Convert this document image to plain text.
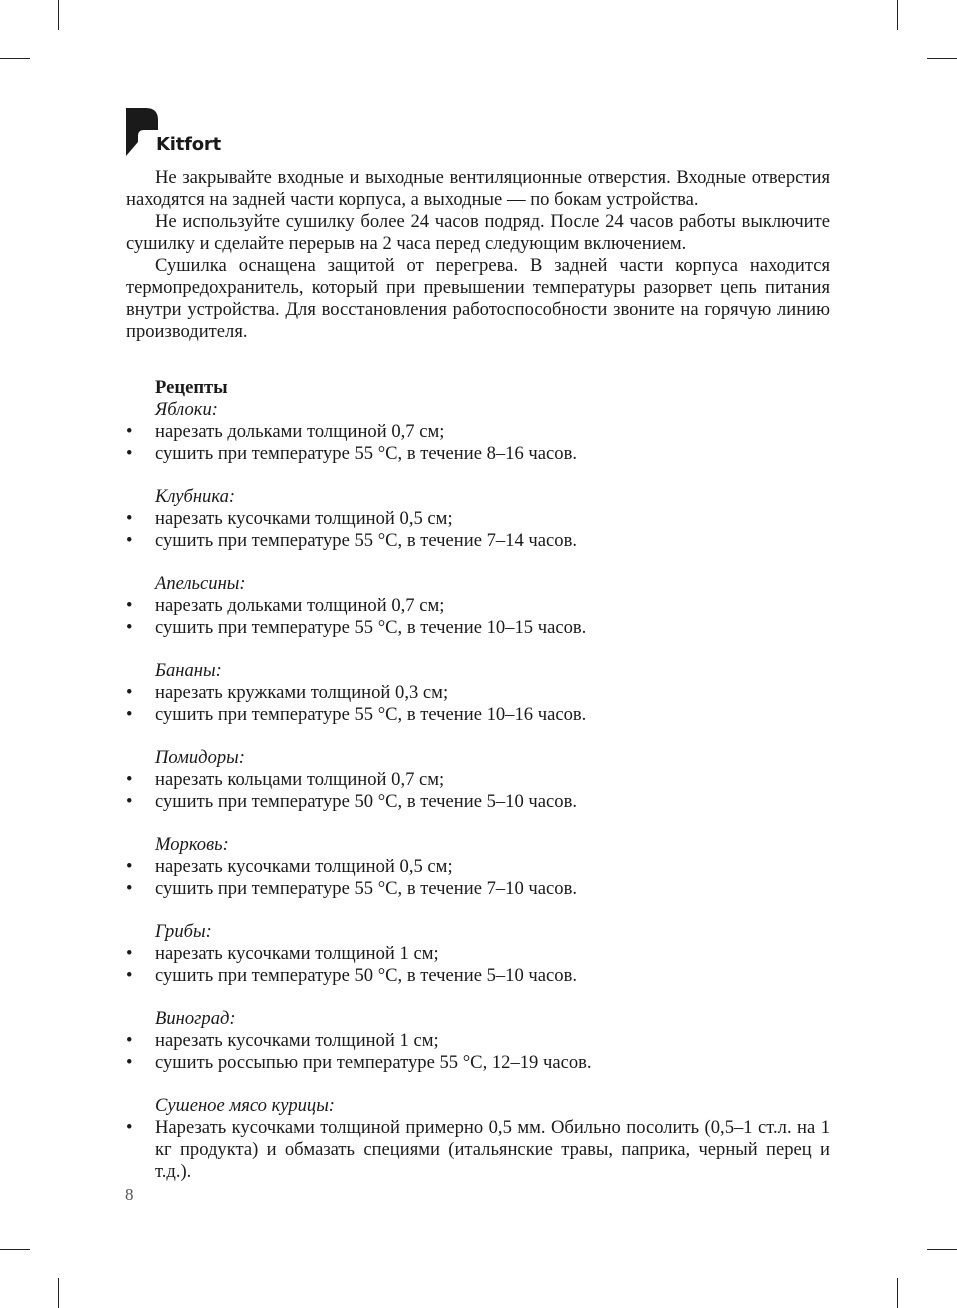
Kitfort

Не закрывайте входные и выходные вентиляционные отверстия. Входные отверстия находятся на задней части корпуса, а выходные — по бокам устройства.

Не используйте сушилку более 24 часов подряд. После 24 часов работы выключите сушилку и сделайте перерыв на 2 часа перед следующим включением.

Сушилка оснащена защитой от перегрева. В задней части корпуса находится термопредохранитель, который при превышении температуры разорвет цепь питания внутри устройства. Для восстановления работоспособности звоните на горячую линию производителя.

Рецепты

Яблоки:

• нарезать дольками толщиной 0,7 см;
• сушить при температуре 55 °C, в течение 8–16 часов.

Клубника:

• нарезать кусочками толщиной 0,5 см;
• сушить при температуре 55 °C, в течение 7–14 часов.

Апельсины:

• нарезать дольками толщиной 0,7 см;
• сушить при температуре 55 °C, в течение 10–15 часов.

Бананы:

• нарезать кружками толщиной 0,3 см;
• сушить при температуре 55 °C, в течение 10–16 часов.

Помидоры:

• нарезать кольцами толщиной 0,7 см;
• сушить при температуре 50 °C, в течение 5–10 часов.

Морковь:

• нарезать кусочками толщиной 0,5 см;
• сушить при температуре 55 °C, в течение 7–10 часов.

Грибы:

• нарезать кусочками толщиной 1 см;
• сушить при температуре 50 °C, в течение 5–10 часов.

Виноград:

• нарезать кусочками толщиной 1 см;
• сушить россыпью при температуре 55 °C, 12–19 часов.

Сушеное мясо курицы:

• Нарезать кусочками толщиной примерно 0,5 мм. Обильно посолить (0,5–1 ст.л. на 1 кг продукта) и обмазать специями (итальянские травы, паприка, черный перец и т.д.).
8
